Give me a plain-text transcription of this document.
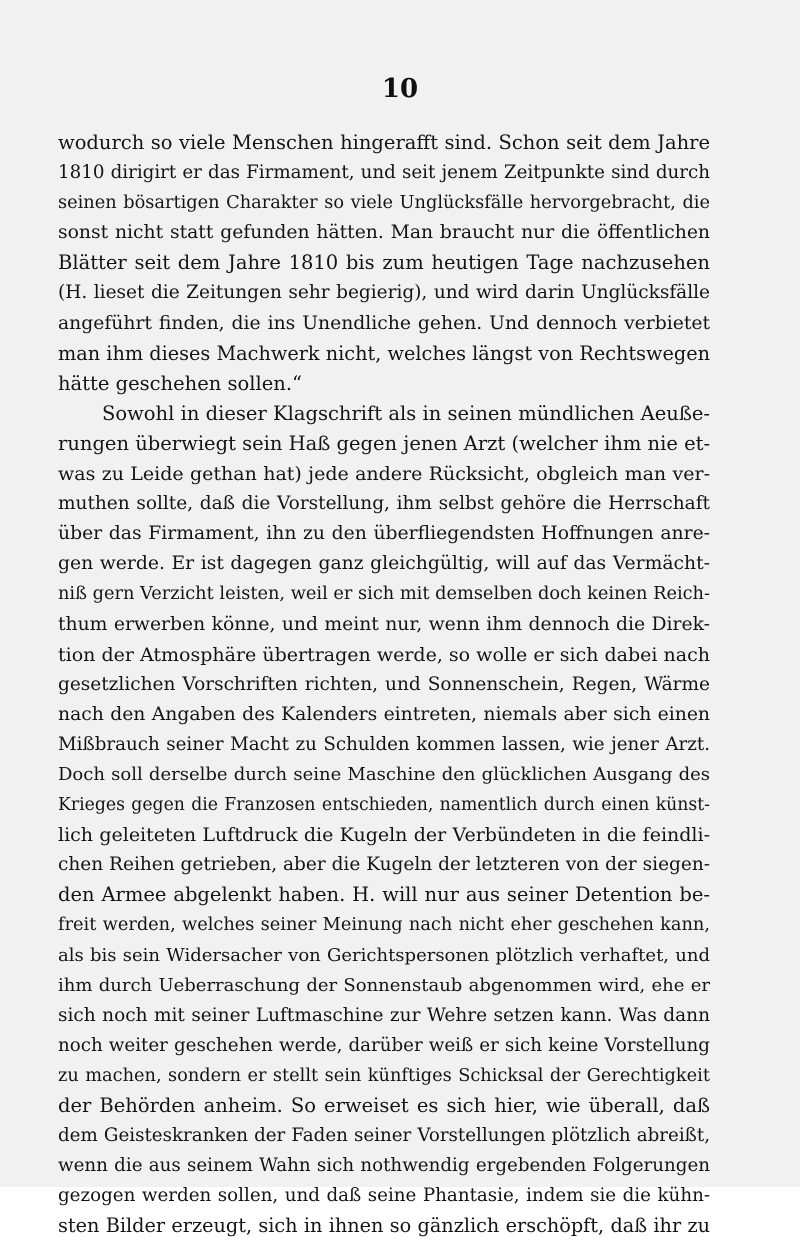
10
wodurch so viele Menschen hingerafft sind. Schon seit dem Jahre
1810 dirigirt er das Firmament, und seit jenem Zeitpunkte sind durch
seinen bösartigen Charakter so viele Unglücksfälle hervorgebracht, die
sonst nicht statt gefunden hätten. Man braucht nur die öffentlichen
Blätter seit dem Jahre 1810 bis zum heutigen Tage nachzusehen
(H. lieset die Zeitungen sehr begierig), und wird darin Unglücksfälle
angeführt finden, die ins Unendliche gehen. Und dennoch verbietet
man ihm dieses Machwerk nicht, welches längst von Rechtswegen
hätte geschehen sollen.“
Sowohl in dieser Klagschrift als in seinen mündlichen Aeuße-
rungen überwiegt sein Haß gegen jenen Arzt (welcher ihm nie et-
was zu Leide gethan hat) jede andere Rücksicht, obgleich man ver-
muthen sollte, daß die Vorstellung, ihm selbst gehöre die Herrschaft
über das Firmament, ihn zu den überfliegendsten Hoffnungen anre-
gen werde. Er ist dagegen ganz gleichgültig, will auf das Vermächt-
niß gern Verzicht leisten, weil er sich mit demselben doch keinen Reich-
thum erwerben könne, und meint nur, wenn ihm dennoch die Direk-
tion der Atmosphäre übertragen werde, so wolle er sich dabei nach
gesetzlichen Vorschriften richten, und Sonnenschein, Regen, Wärme
nach den Angaben des Kalenders eintreten, niemals aber sich einen
Mißbrauch seiner Macht zu Schulden kommen lassen, wie jener Arzt.
Doch soll derselbe durch seine Maschine den glücklichen Ausgang des
Krieges gegen die Franzosen entschieden, namentlich durch einen künst-
lich geleiteten Luftdruck die Kugeln der Verbündeten in die feindli-
chen Reihen getrieben, aber die Kugeln der letzteren von der siegen-
den Armee abgelenkt haben. H. will nur aus seiner Detention be-
freit werden, welches seiner Meinung nach nicht eher geschehen kann,
als bis sein Widersacher von Gerichtspersonen plötzlich verhaftet, und
ihm durch Ueberraschung der Sonnenstaub abgenommen wird, ehe er
sich noch mit seiner Luftmaschine zur Wehre setzen kann. Was dann
noch weiter geschehen werde, darüber weiß er sich keine Vorstellung
zu machen, sondern er stellt sein künftiges Schicksal der Gerechtigkeit
der Behörden anheim. So erweiset es sich hier, wie überall, daß
dem Geisteskranken der Faden seiner Vorstellungen plötzlich abreißt,
wenn die aus seinem Wahn sich nothwendig ergebenden Folgerungen
gezogen werden sollen, und daß seine Phantasie, indem sie die kühn-
sten Bilder erzeugt, sich in ihnen so gänzlich erschöpft, daß ihr zu
